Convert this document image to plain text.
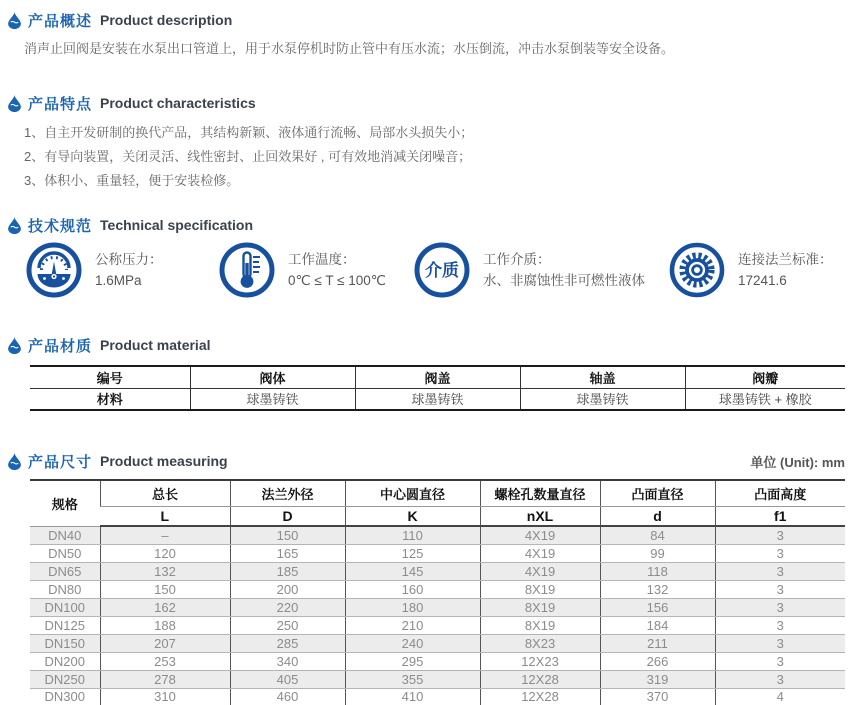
产品概述 Product description

消声止回阀是安装在水泵出口管道上，用于水泵停机时防止管中有压水流；水压倒流，冲击水泵倒装等安全设备。

产品特点 Product characteristics
1、自主开发研制的换代产品，其结构新颖、液体通行流畅、局部水头损失小；
2、有导向装置，关闭灵活、线性密封、止回效果好 , 可有效地消减关闭噪音；
3、体积小、重量轻，便于安装检修。
技术规范 Technical specification
公称压力：
1.6MPa
工作温度：
0℃ ≤ T ≤ 100℃
介质
工作介质：
水、非腐蚀性非可燃性液体
连接法兰标准：
17241.6
产品材质 Product material
编号	阀体	阀盖	轴盖	阀瓣
材料	球墨铸铁	球墨铸铁	球墨铸铁	球墨铸铁 + 橡胶
产品尺寸 Product measuring	单位 (Unit): mm
规格	总长	法兰外径	中心圆直径	螺栓孔数量直径	凸面直径	凸面高度
	L	D	K	nXL	d	f1
DN40	–	150	110	4X19	84	3
DN50	120	165	125	4X19	99	3
DN65	132	185	145	4X19	118	3
DN80	150	200	160	8X19	132	3
DN100	162	220	180	8X19	156	3
DN125	188	250	210	8X19	184	3
DN150	207	285	240	8X23	211	3
DN200	253	340	295	12X23	266	3
DN250	278	405	355	12X28	319	3
DN300	310	460	410	12X28	370	4
